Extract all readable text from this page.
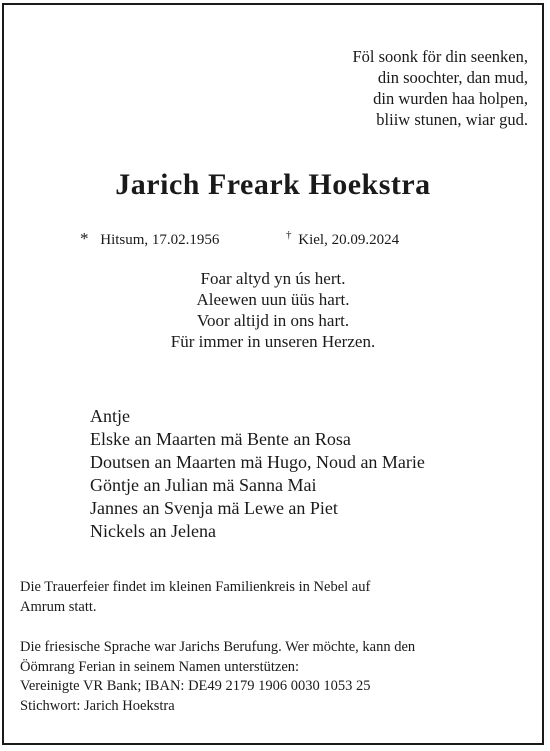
Föl soonk för din seenken,
din soochter, dan mud,
din wurden haa holpen,
bliiw stunen, wiar gud.
Jarich Freark Hoekstra
* Hitsum, 17.02.1956	† Kiel, 20.09.2024
Foar altyd yn ús hert.
Aleewen uun üüs hart.
Voor altijd in ons hart.
Für immer in unseren Herzen.
Antje
Elske an Maarten mä Bente an Rosa
Doutsen an Maarten mä Hugo, Noud an Marie
Göntje an Julian mä Sanna Mai
Jannes an Svenja mä Lewe an Piet
Nickels an Jelena
Die Trauerfeier findet im kleinen Familienkreis in Nebel auf
Amrum statt.
Die friesische Sprache war Jarichs Berufung. Wer möchte, kann den
Öömrang Ferian in seinem Namen unterstützen:
Vereinigte VR Bank; IBAN: DE49 2179 1906 0030 1053 25
Stichwort: Jarich Hoekstra
